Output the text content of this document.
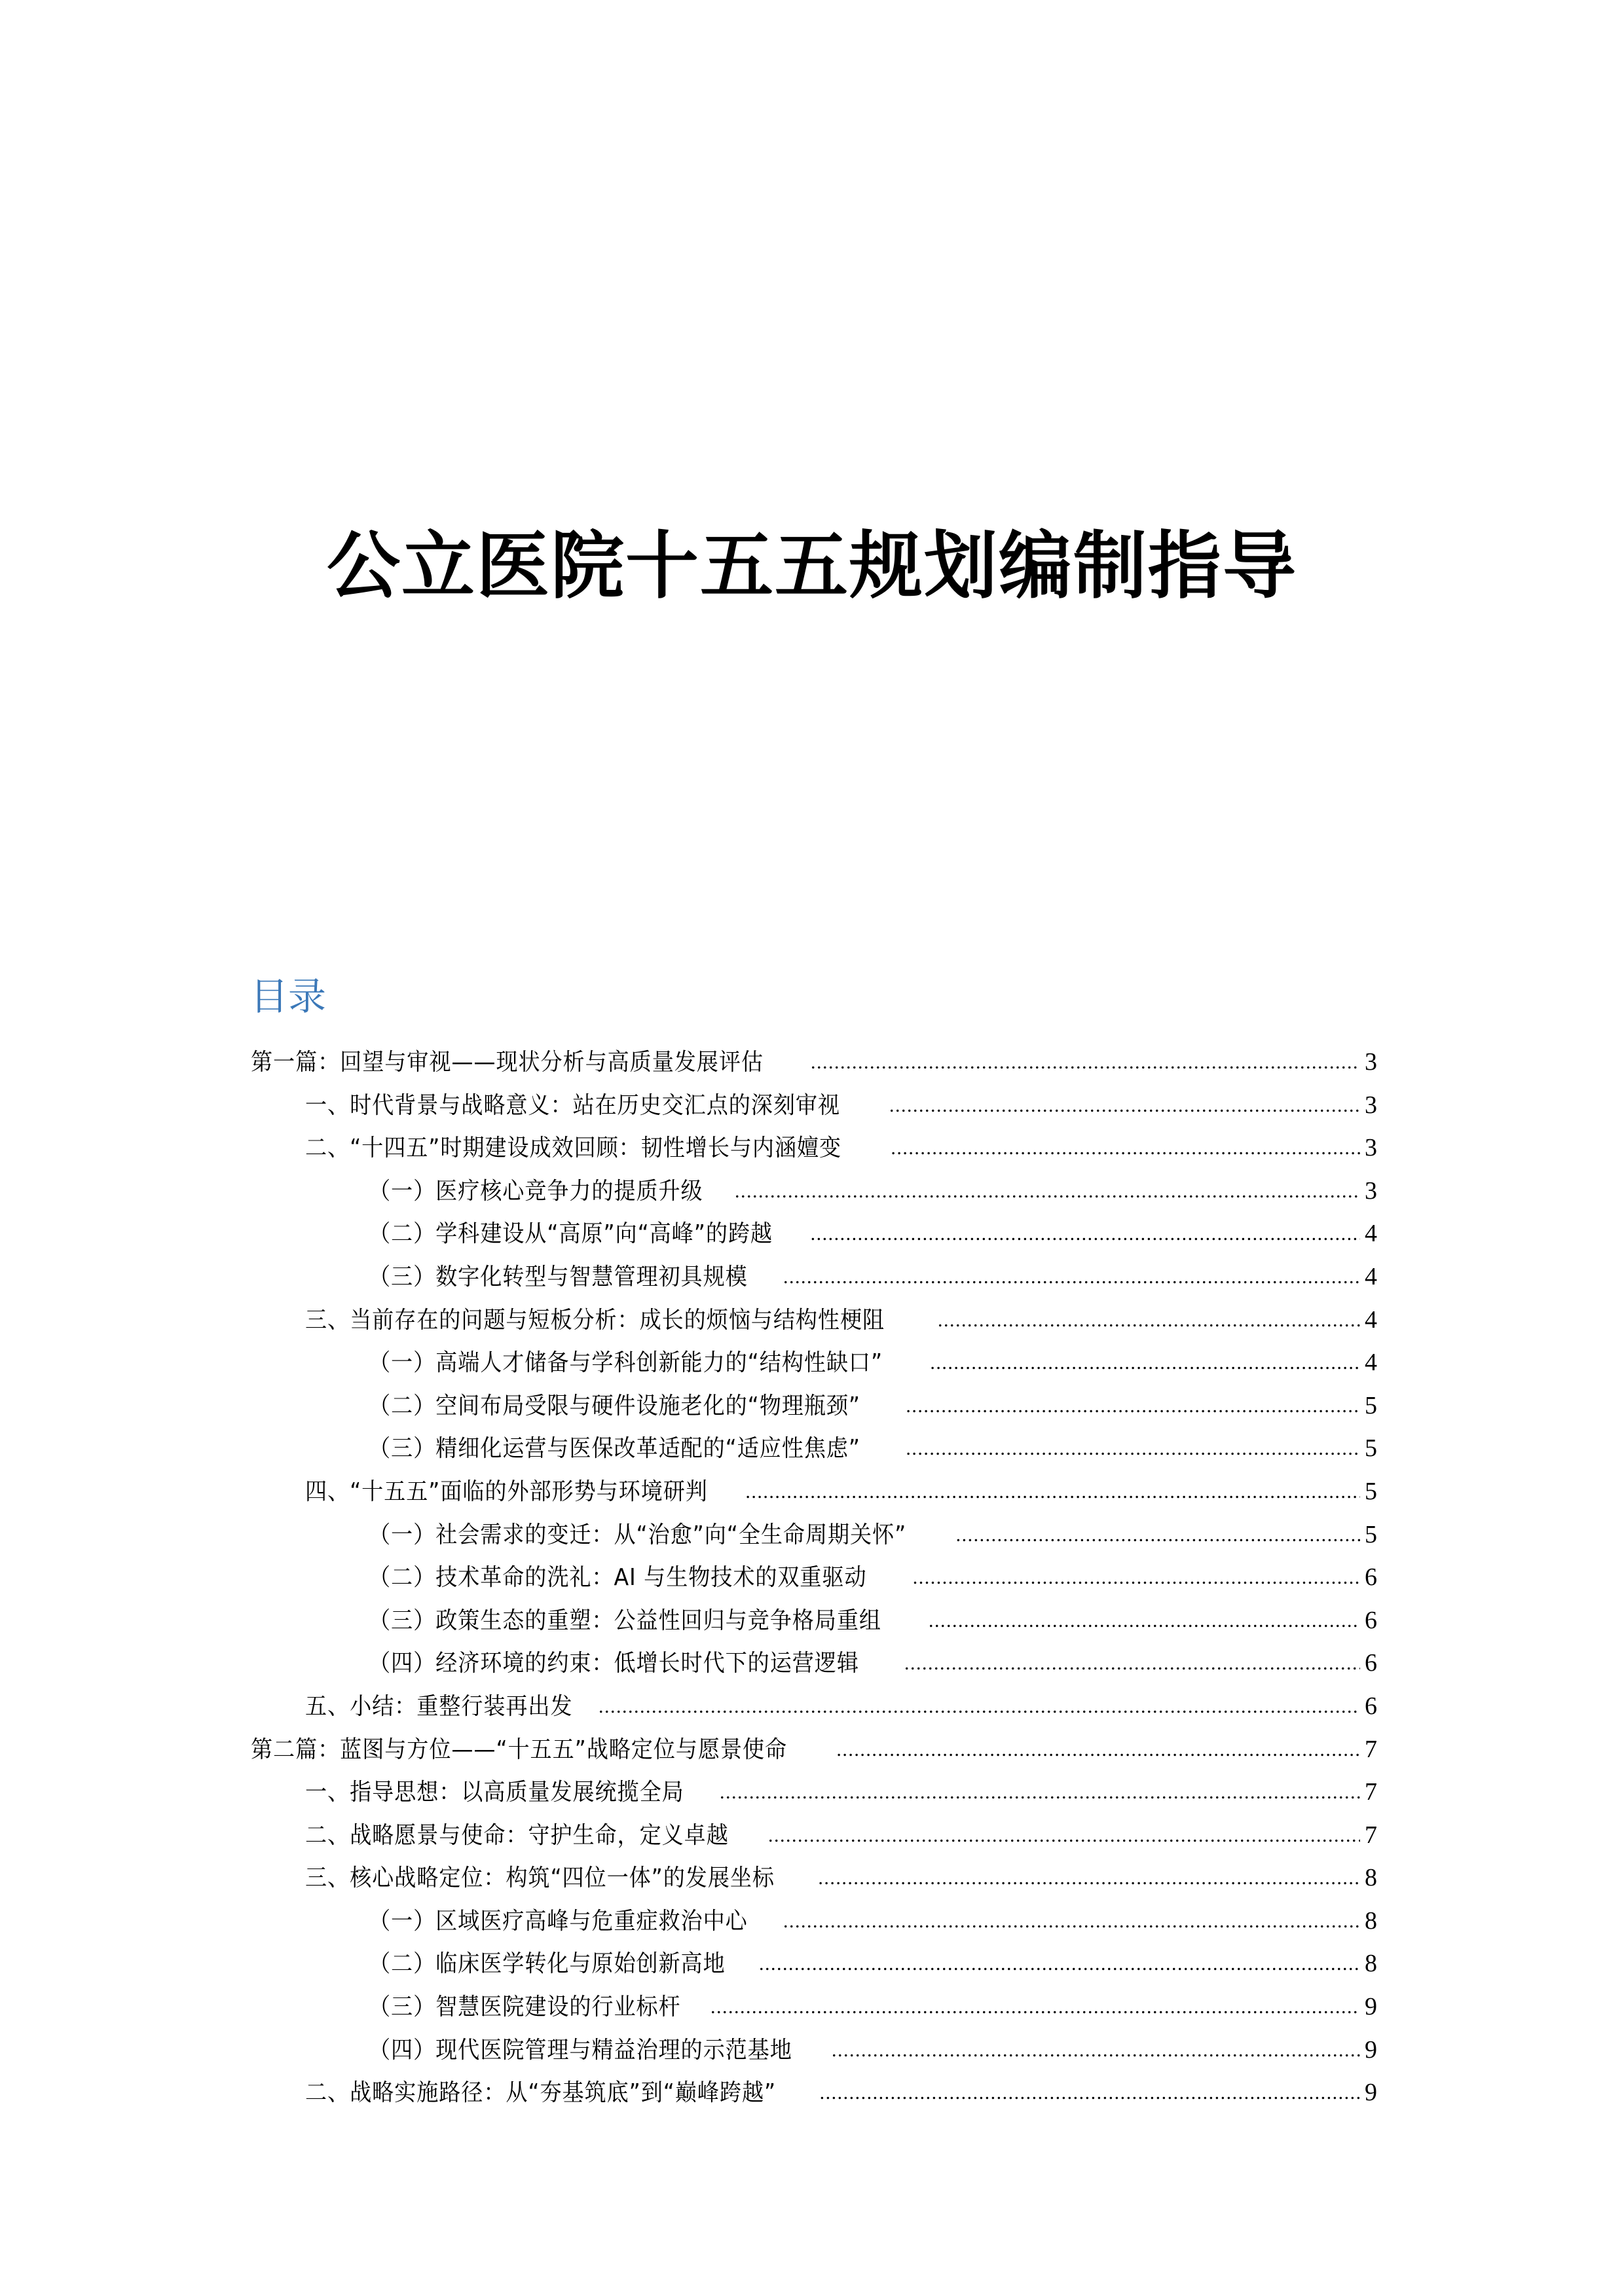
公立医院十五五规划编制指导
目录
第一篇：回望与审视——现状分析与高质量发展评估 .....	3
一、时代背景与战略意义：站在历史交汇点的深刻审视 .....	3
二、“十四五”时期建设成效回顾：韧性增长与内涵嬗变 .....	3
（一）医疗核心竞争力的提质升级 .....	3
（二）学科建设从“高原”向“高峰”的跨越 .....	4
（三）数字化转型与智慧管理初具规模 .....	4
三、当前存在的问题与短板分析：成长的烦恼与结构性梗阻 .....	4
（一）高端人才储备与学科创新能力的“结构性缺口” .....	4
（二）空间布局受限与硬件设施老化的“物理瓶颈” .....	5
（三）精细化运营与医保改革适配的“适应性焦虑” .....	5
四、“十五五”面临的外部形势与环境研判 .....	5
（一）社会需求的变迁：从“治愈”向“全生命周期关怀” .....	5
（二）技术革命的洗礼：AI 与生物技术的双重驱动 .....	6
（三）政策生态的重塑：公益性回归与竞争格局重组 .....	6
（四）经济环境的约束：低增长时代下的运营逻辑 .....	6
五、小结：重整行装再出发 .....	6
第二篇：蓝图与方位——“十五五”战略定位与愿景使命 .....	7
一、指导思想：以高质量发展统揽全局 .....	7
二、战略愿景与使命：守护生命，定义卓越 .....	7
三、核心战略定位：构筑“四位一体”的发展坐标 .....	8
（一）区域医疗高峰与危重症救治中心 .....	8
（二）临床医学转化与原始创新高地 .....	8
（三）智慧医院建设的行业标杆 .....	9
（四）现代医院管理与精益治理的示范基地 .....	9
二、战略实施路径：从“夯基筑底”到“巅峰跨越” .....	9
